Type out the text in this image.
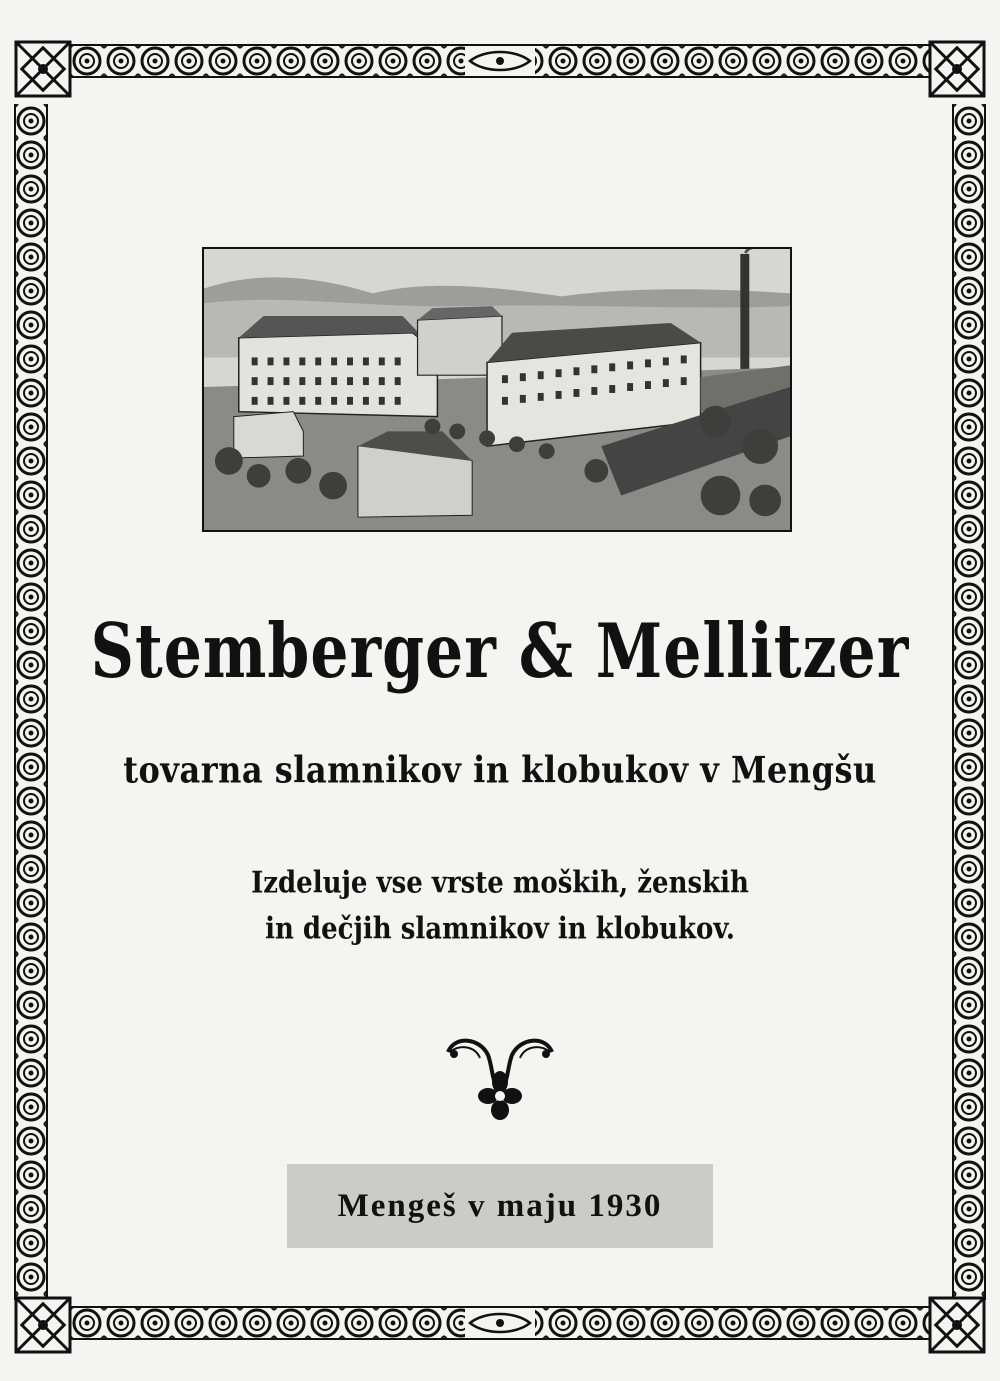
Stemberger & Mellitzer
tovarna slamnikov in klobukov v Mengšu
Izdeluje vse vrste moških, ženskih
in dečjih slamnikov in klobukov.
Mengeš v maju 1930
